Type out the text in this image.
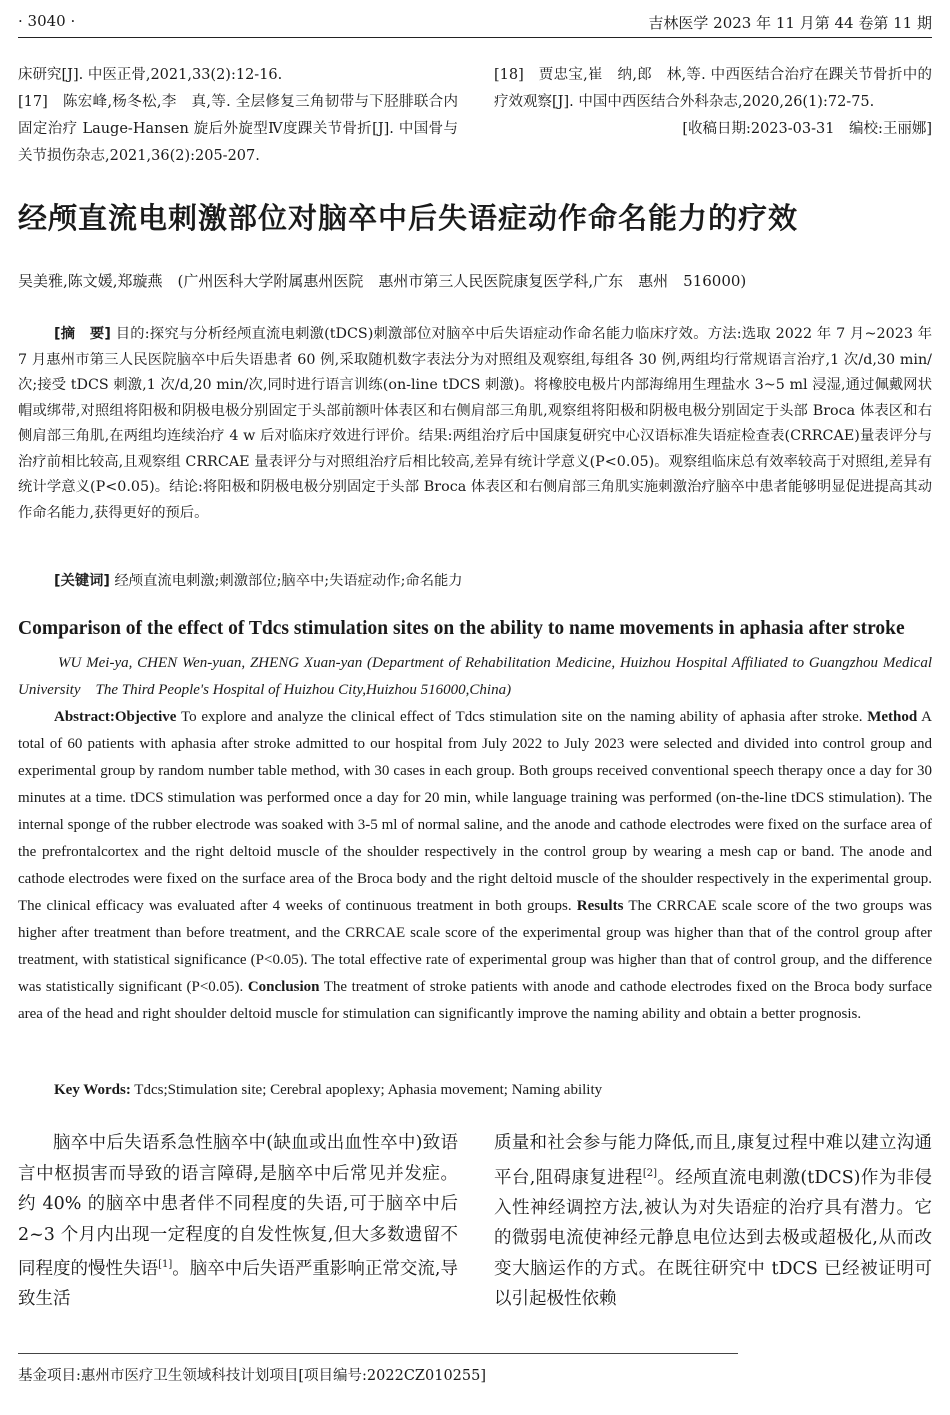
· 3040 ·	吉林医学 2023 年 11 月第 44 卷第 11 期

床研究[J]. 中医正骨,2021,33(2):12-16.

[17]　陈宏峰,杨冬松,李　真,等. 全层修复三角韧带与下胫腓联合内固定治疗 Lauge-Hansen 旋后外旋型Ⅳ度踝关节骨折[J]. 中国骨与关节损伤杂志,2021,36(2):205-207.

[18]　贾忠宝,崔　纳,郎　林,等. 中西医结合治疗在踝关节骨折中的疗效观察[J]. 中国中西医结合外科杂志,2020,26(1):72-75.

[收稿日期:2023-03-31　编校:王丽娜]

经颅直流电刺激部位对脑卒中后失语症动作命名能力的疗效
吴美雅,陈文媛,郑璇燕　(广州医科大学附属惠州医院　惠州市第三人民医院康复医学科,广东　惠州　516000)

[摘　要] 目的:探究与分析经颅直流电刺激(tDCS)刺激部位对脑卒中后失语症动作命名能力临床疗效。方法:选取 2022 年 7 月~2023 年 7 月惠州市第三人民医院脑卒中后失语患者 60 例,采取随机数字表法分为对照组及观察组,每组各 30 例,两组均行常规语言治疗,1 次/d,30 min/次;接受 tDCS 刺激,1 次/d,20 min/次,同时进行语言训练(on-line tDCS 刺激)。将橡胶电极片内部海绵用生理盐水 3~5 ml 浸湿,通过佩戴网状帽或绑带,对照组将阳极和阴极电极分别固定于头部前额叶体表区和右侧肩部三角肌,观察组将阳极和阴极电极分别固定于头部 Broca 体表区和右侧肩部三角肌,在两组均连续治疗 4 w 后对临床疗效进行评价。结果:两组治疗后中国康复研究中心汉语标准失语症检查表(CRRCAE)量表评分与治疗前相比较高,且观察组 CRRCAE 量表评分与对照组治疗后相比较高,差异有统计学意义(P<0.05)。观察组临床总有效率较高于对照组,差异有统计学意义(P<0.05)。结论:将阳极和阴极电极分别固定于头部 Broca 体表区和右侧肩部三角肌实施刺激治疗脑卒中患者能够明显促进提高其动作命名能力,获得更好的预后。

[关键词] 经颅直流电刺激;刺激部位;脑卒中;失语症动作;命名能力
Comparison of the effect of Tdcs stimulation sites on the ability to name movements in aphasia after stroke

WU Mei-ya, CHEN Wen-yuan, ZHENG Xuan-yan (Department of Rehabilitation Medicine, Huizhou Hospital Affiliated to Guangzhou Medical University　The Third People's Hospital of Huizhou City,Huizhou 516000,China)

Abstract:Objective To explore and analyze the clinical effect of Tdcs stimulation site on the naming ability of aphasia after stroke. Method A total of 60 patients with aphasia after stroke admitted to our hospital from July 2022 to July 2023 were selected and divided into control group and experimental group by random number table method, with 30 cases in each group. Both groups received conventional speech therapy once a day for 30 minutes at a time. tDCS stimulation was performed once a day for 20 min, while language training was performed (on-the-line tDCS stimulation). The internal sponge of the rubber electrode was soaked with 3-5 ml of normal saline, and the anode and cathode electrodes were fixed on the surface area of the prefrontalcortex and the right deltoid muscle of the shoulder respectively in the control group by wearing a mesh cap or band. The anode and cathode electrodes were fixed on the surface area of the Broca body and the right deltoid muscle of the shoulder respectively in the experimental group. The clinical efficacy was evaluated after 4 weeks of continuous treatment in both groups. Results The CRRCAE scale score of the two groups was higher after treatment than before treatment, and the CRRCAE scale score of the experimental group was higher than that of the control group after treatment, with statistical significance (P<0.05). The total effective rate of experimental group was higher than that of control group, and the difference was statistically significant (P<0.05). Conclusion The treatment of stroke patients with anode and cathode electrodes fixed on the Broca body surface area of the head and right shoulder deltoid muscle for stimulation can significantly improve the naming ability and obtain a better prognosis.

Key Words: Tdcs;Stimulation site; Cerebral apoplexy; Aphasia movement; Naming ability

脑卒中后失语系急性脑卒中(缺血或出血性卒中)致语言中枢损害而导致的语言障碍,是脑卒中后常见并发症。约 40% 的脑卒中患者伴不同程度的失语,可于脑卒中后 2~3 个月内出现一定程度的自发性恢复,但大多数遗留不同程度的慢性失语[1]。脑卒中后失语严重影响正常交流,导致生活

质量和社会参与能力降低,而且,康复过程中难以建立沟通平台,阻碍康复进程[2]。经颅直流电刺激(tDCS)作为非侵入性神经调控方法,被认为对失语症的治疗具有潜力。它的微弱电流使神经元静息电位达到去极或超极化,从而改变大脑运作的方式。在既往研究中 tDCS 已经被证明可以引起极性依赖

基金项目:惠州市医疗卫生领域科技计划项目[项目编号:2022CZ010255]
